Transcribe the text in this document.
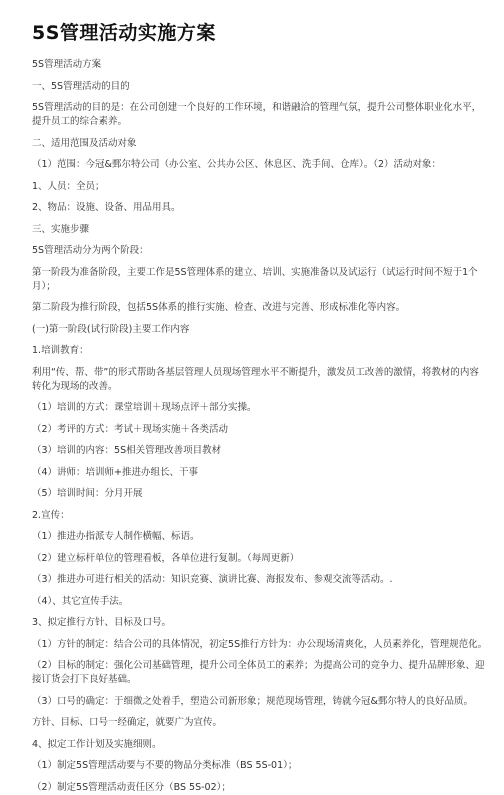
5S管理活动实施方案

5S管理活动方案

一、5S管理活动的目的

5S管理活动的目的是：在公司创建一个良好的工作环境，和谐融洽的管理气氛，提升公司整体职业化水平，提升员工的综合素养。

二、适用范围及活动对象

（1）范围：今冠&鄄尔特公司（办公室、公共办公区、休息区、洗手间、仓库）。（2）活动对象：

1、人员：全员；

2、物品：设施、设备、用品用具。

三、实施步骤

5S管理活动分为两个阶段：

第一阶段为准备阶段，主要工作是5S管理体系的建立、培训、实施准备以及试运行（试运行时间不短于1个月）；

第二阶段为推行阶段，包括5S体系的推行实施、检查、改进与完善、形成标准化等内容。

(一)第一阶段(试行阶段)主要工作内容

1.培训教育：

利用“传、帮、带”的形式帮助各基层管理人员现场管理水平不断提升，激发员工改善的激情，将教材的内容转化为现场的改善。

（1）培训的方式：课堂培训＋现场点评＋部分实操。

（2）考评的方式：考试＋现场实施＋各类活动

（3）培训的内容：5S相关管理改善项目教材

（4）讲师：培训师+推进办组长、干事

（5）培训时间：分月开展

2.宣传：

（1）推进办指派专人制作横幅、标语。

（2）建立标杆单位的管理看板，各单位进行复制。（每周更新）

（3）推进办可进行相关的活动：知识竞赛、演讲比赛、海报发布、参观交流等活动。.

（4）、其它宣传手法。

3、拟定推行方针、目标及口号。

（1）方针的制定：结合公司的具体情况，初定5S推行方针为：办公现场清爽化，人员素养化，管理规范化。

（2）目标的制定：强化公司基础管理，提升公司全体员工的素养；为提高公司的竞争力、提升品牌形象、迎接订货会打下良好基础。

（3）口号的确定：于细微之处着手，塑造公司新形象；规范现场管理，铸就今冠&鄄尔特人的良好品质。

方针、目标、口号一经确定，就要广为宣传。

4、拟定工作计划及实施细则。

（1）制定5S管理活动要与不要的物品分类标准（BS 5S-01）；

（2）制定5S管理活动责任区分（BS 5S-02）；
